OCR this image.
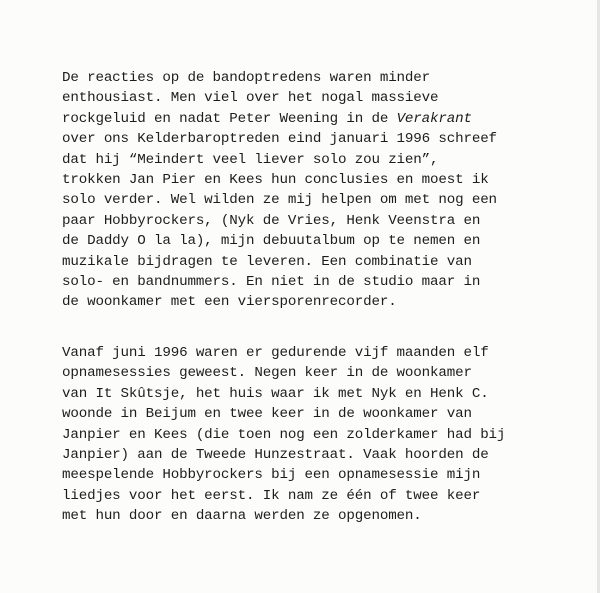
De reacties op de bandoptredens waren minder
enthousiast. Men viel over het nogal massieve
rockgeluid en nadat Peter Weening in de Verakrant
over ons Kelderbaroptreden eind januari 1996 schreef
dat hij “Meindert veel liever solo zou zien”,
trokken Jan Pier en Kees hun conclusies en moest ik
solo verder. Wel wilden ze mij helpen om met nog een
paar Hobbyrockers, (Nyk de Vries, Henk Veenstra en
de Daddy O la la), mijn debuutalbum op te nemen en
muzikale bijdragen te leveren. Een combinatie van
solo- en bandnummers. En niet in de studio maar in
de woonkamer met een viersporenrecorder.

Vanaf juni 1996 waren er gedurende vijf maanden elf
opnamesessies geweest. Negen keer in de woonkamer
van It Skûtsje, het huis waar ik met Nyk en Henk C.
woonde in Beijum en twee keer in de woonkamer van
Janpier en Kees (die toen nog een zolderkamer had bij
Janpier) aan de Tweede Hunzestraat. Vaak hoorden de
meespelende Hobbyrockers bij een opnamesessie mijn
liedjes voor het eerst. Ik nam ze één of twee keer
met hun door en daarna werden ze opgenomen.
